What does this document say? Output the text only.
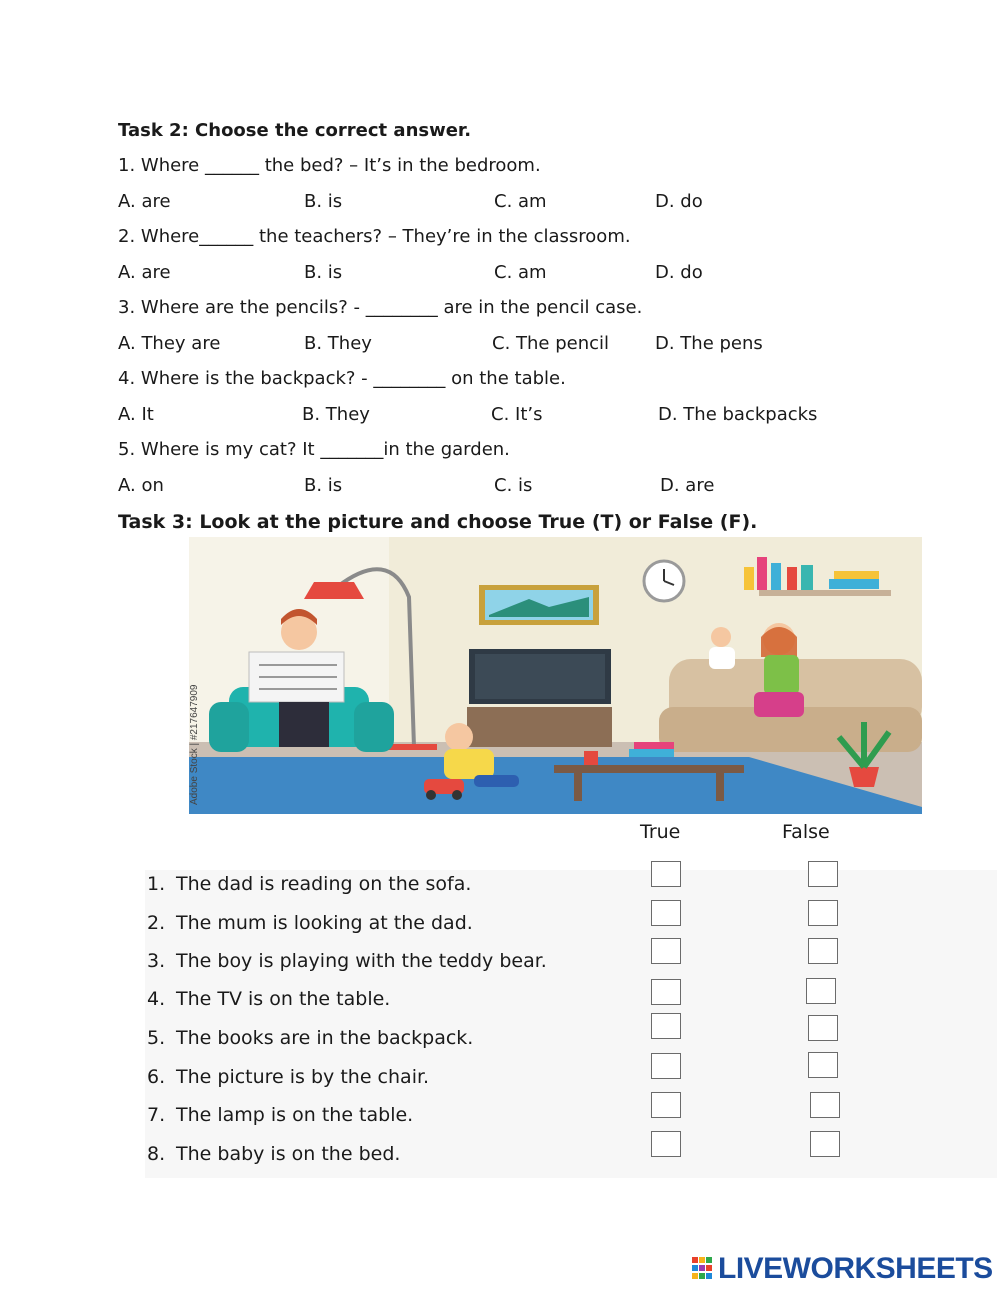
Task 2: Choose the correct answer.
1. Where ______ the bed? – It’s in the bedroom.
A. are	B. is	C. am	D. do
2. Where______ the teachers? – They’re in the classroom.
A. are	B. is	C. am	D. do
3. Where are the pencils? - ________ are in the pencil case.
A. They are	B. They	C. The pencil	D. The pens
4. Where is the backpack? - ________ on the table.
A. It	B. They	C. It’s	D. The backpacks
5. Where is my cat? It _______in the garden.
A. on	B. is	C. is	D. are
Task 3: Look at the picture and choose True (T) or False (F).
Adobe Stock | #217647909
True	False
1. The dad is reading on the sofa.
2. The mum is looking at the dad.
3. The boy is playing with the teddy bear.
4. The TV is on the table.
5. The books are in the backpack.
6. The picture is by the chair.
7. The lamp is on the table.
8. The baby is on the bed.
LIVEWORKSHEETS
